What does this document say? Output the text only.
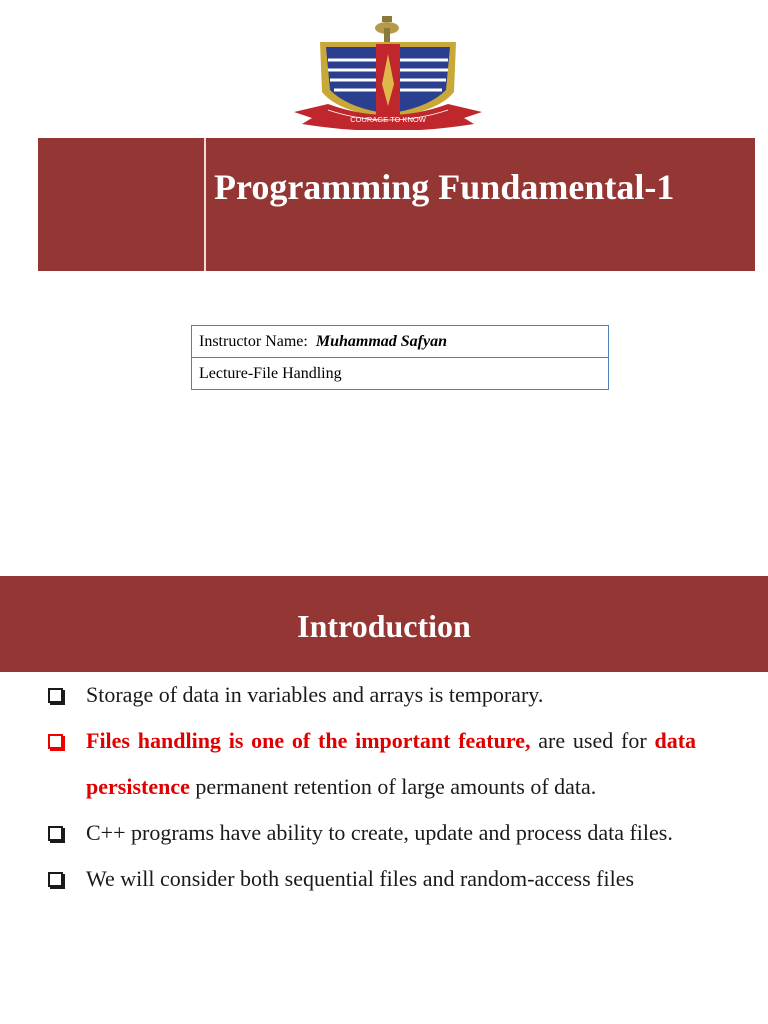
COURAGE TO KNOW
Programming Fundamental-1
Instructor Name: Muhammad Safyan
Lecture-File Handling
Introduction
Storage of data in variables and arrays is temporary.
Files handling is one of the important feature, are used for data persistence permanent retention of large amounts of data.
C++ programs have ability to create, update and process data files.
We will consider both sequential files and random-access files
